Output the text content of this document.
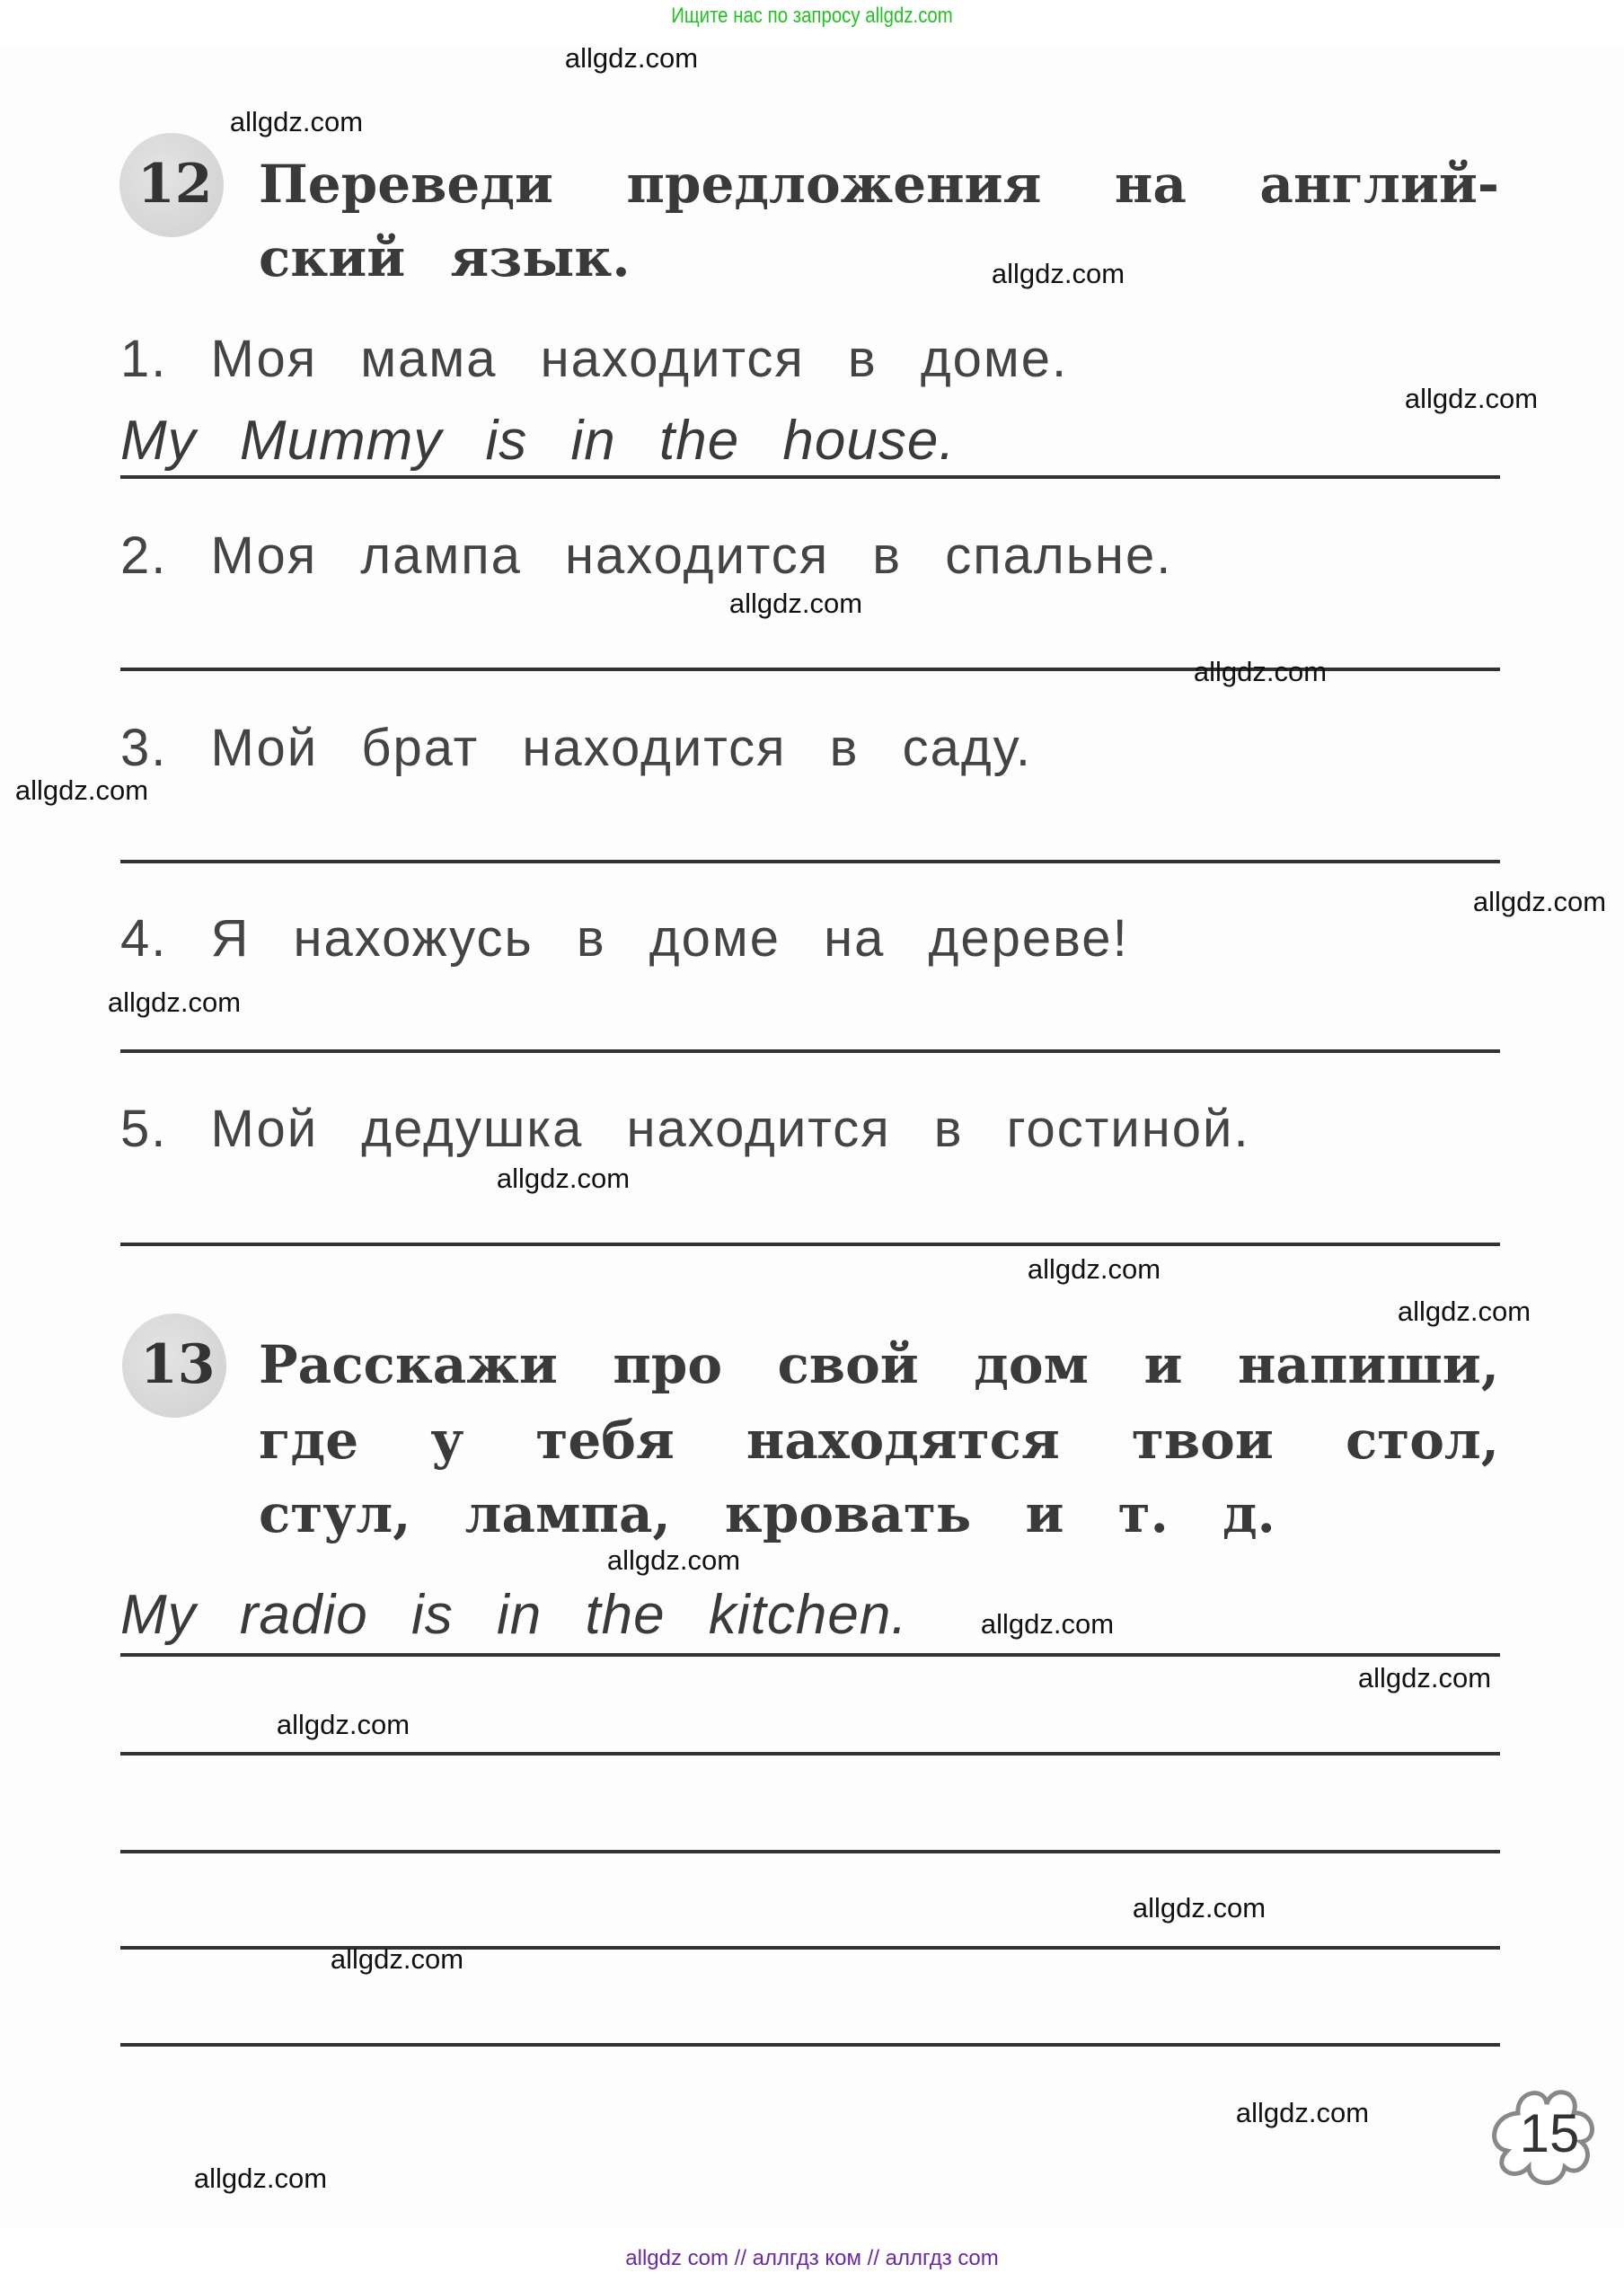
Ищите нас по запросу allgdz.com
12 Переведи предложения на англий-
ский язык.
1. Моя мама находится в доме.
My Mummy is in the house.
2. Моя лампа находится в спальне.
3. Мой брат находится в саду.
4. Я нахожусь в доме на дереве!
5. Мой дедушка находится в гостиной.
13 Расскажи про свой дом и напиши,
где у тебя находятся твои стол,
стул, лампа, кровать и т. д.
My radio is in the kitchen.
15
allgdz.com
allgdz.com
allgdz.com
allgdz.com
allgdz.com
allgdz.com
allgdz.com
allgdz.com
allgdz.com
allgdz.com
allgdz.com
allgdz.com
allgdz.com
allgdz.com
allgdz.com
allgdz.com
allgdz.com
allgdz.com
allgdz.com
allgdz.com
allgdz com // аллгдз ком // аллгдз com
